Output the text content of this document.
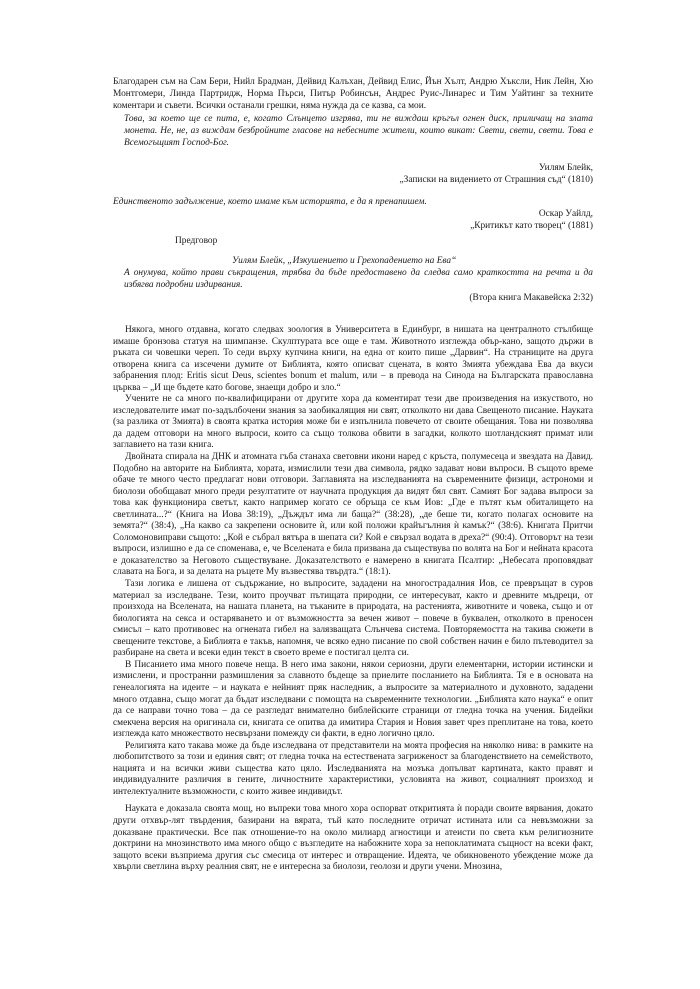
Благодарен съм на Сам Бери, Нийл Брадман, Дейвид Калъхан, Дейвид Елис, Йън Хълт, Андрю Хъксли, Ник Лейн, Хю Монтгомери, Линда Партридж, Норма Пърси, Питър Робинсън, Андрес Руис-Линарес и Тим Уайтинг за техните коментари и съвети. Всички останали грешки, няма нужда да се казва, са мои.

Това, за което ще се пита, е, когато Слънцето изгрява, ти не виждаш кръгъл огнен диск, приличащ на злата монета. Не, не, аз виждам безбройните гласове на небесните жители, които викат: Свети, свети, свети. Това е Всемогъщият Господ-Бог.

Уилям Блейк,

„Записки на видението от Страшния съд“ (1810)

Единственото задължение, което имаме към историята, е да я пренапишем.

Оскар Уайлд,

„Критикът като творец“ (1881)

Предговор

Уилям Блейк, „Изкушението и Грехопадението на Ева“

А онумува, който прави съкращения, трябва да бъде предоставено да следва само краткостта на речта и да избягва подробни издирвания.

(Втора книга Макавейска 2:32)

Някога, много отдавна, когато следвах зоология в Университета в Единбург, в нишата на централното стълбище имаше бронзова статуя на шимпанзе. Скулптурата все още е там. Животното изглежда обър-кано, защото държи в ръката си човешки череп. То седи върху купчина книги, на една от които пише „Дарвин“. На страниците на друга отворена книга са изсечени думите от Библията, която описват сцената, в която Змията убеждава Ева да вкуси забранения плод: Eritis sicut Deus, scientes bonum et malum, или – в превода на Синода на Българската православна църква – „И ще бъдете като богове, знаещи добро и зло.“

Учените не са много по-квалифицирани от другите хора да коментират тези две произведения на изкуството, но изследователите имат по-задълбочени знания за заобикалящия ни свят, отколкото ни дава Свещеното писание. Науката (за разлика от Змията) в своята кратка история може би е изпълнила повечето от своите обещания. Това ни позволява да дадем отговори на много въпроси, които са също толкова обвити в загадки, колкото шотландският примат или заглавието на тази книга.

Двойната спирала на ДНК и атомната гъба станаха световни икони наред с кръста, полумесеца и звездата на Давид. Подобно на авторите на Библията, хората, измислили тези два символа, рядко задават нови въпроси. В същото време обаче те много често предлагат нови отговори. Заглавията на изследванията на съвременните физици, астрономи и биолози обобщават много преди резултатите от научната продукция да видят бял свят. Самият Бог задава въпроси за това как функционира светът, както например когато се обръща се към Иов: „Где е пътят към обиталището на светлината...?“ (Книга на Иова 38:19), „Дъждът има ли баща?“ (38:28), „де беше ти, когато полагах основите на земята?“ (38:4), „На какво са закрепени основите ѝ, или кой положи крайъгълния ѝ камък?“ (38:6). Книгата Притчи Соломоновиправи същото: „Кой е събрал вятъра в шепата си? Кой е свързал водата в дреха?“ (90:4). Отговорът на тези въпроси, излишно е да се споменава, е, че Вселената е била призвана да съществува по волята на Бог и нейната красота е доказателство за Неговото съществуване. Доказателството е намерено в книгата Псалтир: „Небесата проповядват славата на Бога, и за делата на ръцете Му възвестява твърдта.“ (18:1).

Тази логика е лишена от съдържание, но въпросите, зададени на многострадалния Иов, се превръщат в суров материал за изследване. Тези, които проучват пътищата природни, се интересуват, както и древните мъдреци, от произхода на Вселената, на нашата планета, на тъканите в природата, на растенията, животните и човека, също и от биологията на секса и остаряването и от възможността за вечен живот – повече в буквален, отколкото в преносен смисъл – като противовес на огнената гибел на залязващата Слънчева система. Повторяемостта на такива сюжети в свещените текстове, а Библията е такъв, напомня, че всяко едно писание по свой собствен начин е било пътеводител за разбиране на света и всеки един текст в своето време е постигал целта си.

В Писанието има много повече неща. В него има закони, някои сериозни, други елементарни, истории истински и измислени, и пространни размишления за славното бъдеще за приелите посланието на Библията. Тя е в основата на генеалогията на идеите – и науката е нейният пряк наследник, а въпросите за материалното и духовното, зададени много отдавна, също могат да бъдат изследвани с помощта на съвременните технологии. „Библията като наука“ е опит да се направи точно това – да се разгледат внимателно библейските страници от гледна точка на учения. Бидейки смекчена версия на оригинала си, книгата се опитва да имитира Стария и Новия завет чрез преплитане на това, което изглежда като множеството несвързани помежду си факти, в едно логично цяло.

Религията като такава може да бъде изследвана от представители на моята професия на няколко нива: в рамките на любопитството за този и единия свят; от гледна точка на естествената загриженост за благоденствието на семейството, нацията и на всички живи същества като цяло. Изследванията на мозъка допълват картината, както правят и индивидуалните различия в гените, личностните характеристики, условията на живот, социалният произход и интелектуалните възможности, с които живее индивидът.

Науката е доказала своята мощ, но въпреки това много хора оспорват откритията ѝ поради своите вярвания, докато други отхвър-лят твърдения, базирани на вярата, тъй като последните отричат истината или са невъзможни за доказване практически. Все пак отношение-то на около милиард агностици и атеисти по света към религиозните доктрини на мнозинството има много общо с възгледите на набожните хора за непоклатимата същност на всеки факт, защото всеки възприема другия със смесица от интерес и отвращение. Идеята, че обикновеното убеждение може да хвърли светлина върху реалния свят, не е интересна за биолози, геолози и други учени. Мнозина,
